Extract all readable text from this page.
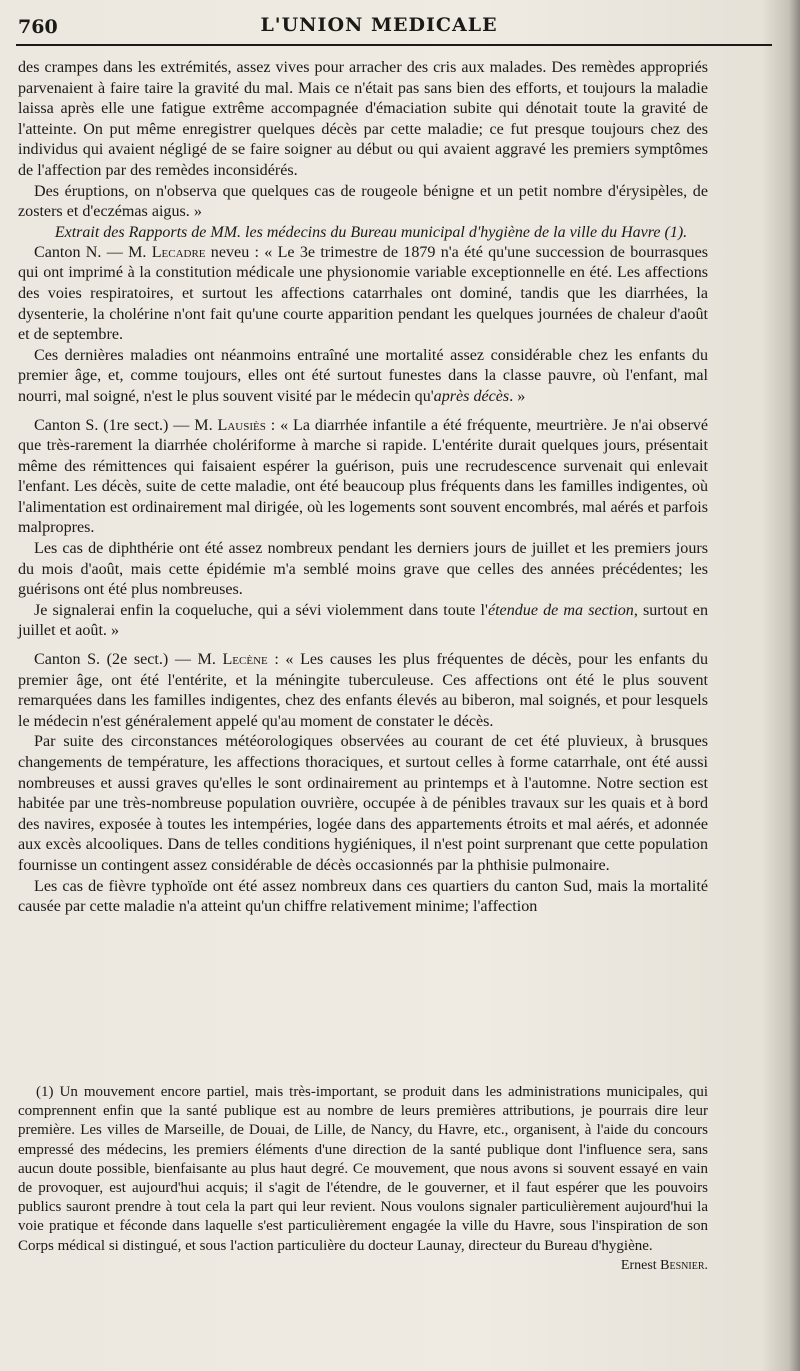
760	L'UNION MEDICALE

des crampes dans les extrémités, assez vives pour arracher des cris aux malades. Des remèdes appropriés parvenaient à faire taire la gravité du mal. Mais ce n'était pas sans bien des efforts, et toujours la maladie laissa après elle une fatigue extrême accompagnée d'émaciation subite qui dénotait toute la gravité de l'atteinte. On put même enregistrer quelques décès par cette maladie; ce fut presque toujours chez des individus qui avaient négligé de se faire soigner au début ou qui avaient aggravé les premiers symptômes de l'affection par des remèdes inconsidérés.

Des éruptions, on n'observa que quelques cas de rougeole bénigne et un petit nombre d'érysipèles, de zosters et d'eczémas aigus. »

Extrait des Rapports de MM. les médecins du Bureau municipal d'hygiène de la ville du Havre (1).

Canton N. — M. Lecadre neveu : « Le 3e trimestre de 1879 n'a été qu'une succession de bourrasques qui ont imprimé à la constitution médicale une physionomie variable exceptionnelle en été. Les affections des voies respiratoires, et surtout les affections catarrhales ont dominé, tandis que les diarrhées, la dysenterie, la cholérine n'ont fait qu'une courte apparition pendant les quelques journées de chaleur d'août et de septembre.

Ces dernières maladies ont néanmoins entraîné une mortalité assez considérable chez les enfants du premier âge, et, comme toujours, elles ont été surtout funestes dans la classe pauvre, où l'enfant, mal nourri, mal soigné, n'est le plus souvent visité par le médecin qu'après décès. »

Canton S. (1re sect.) — M. Lausiès : « La diarrhée infantile a été fréquente, meurtrière. Je n'ai observé que très-rarement la diarrhée cholériforme à marche si rapide. L'entérite durait quelques jours, présentait même des rémittences qui faisaient espérer la guérison, puis une recrudescence survenait qui enlevait l'enfant. Les décès, suite de cette maladie, ont été beaucoup plus fréquents dans les familles indigentes, où l'alimentation est ordinairement mal dirigée, où les logements sont souvent encombrés, mal aérés et parfois malpropres.

Les cas de diphthérie ont été assez nombreux pendant les derniers jours de juillet et les premiers jours du mois d'août, mais cette épidémie m'a semblé moins grave que celles des années précédentes; les guérisons ont été plus nombreuses.

Je signalerai enfin la coqueluche, qui a sévi violemment dans toute l'étendue de ma section, surtout en juillet et août. »

Canton S. (2e sect.) — M. Lecène : « Les causes les plus fréquentes de décès, pour les enfants du premier âge, ont été l'entérite, et la méningite tuberculeuse. Ces affections ont été le plus souvent remarquées dans les familles indigentes, chez des enfants élevés au biberon, mal soignés, et pour lesquels le médecin n'est généralement appelé qu'au moment de constater le décès.

Par suite des circonstances météorologiques observées au courant de cet été pluvieux, à brusques changements de température, les affections thoraciques, et surtout celles à forme catarrhale, ont été aussi nombreuses et aussi graves qu'elles le sont ordinairement au printemps et à l'automne. Notre section est habitée par une très-nombreuse population ouvrière, occupée à de pénibles travaux sur les quais et à bord des navires, exposée à toutes les intempéries, logée dans des appartements étroits et mal aérés, et adonnée aux excès alcooliques. Dans de telles conditions hygiéniques, il n'est point surprenant que cette population fournisse un contingent assez considérable de décès occasionnés par la phthisie pulmonaire.

Les cas de fièvre typhoïde ont été assez nombreux dans ces quartiers du canton Sud, mais la mortalité causée par cette maladie n'a atteint qu'un chiffre relativement minime; l'affection

(1) Un mouvement encore partiel, mais très-important, se produit dans les administrations municipales, qui comprennent enfin que la santé publique est au nombre de leurs premières attributions, je pourrais dire leur première. Les villes de Marseille, de Douai, de Lille, de Nancy, du Havre, etc., organisent, à l'aide du concours empressé des médecins, les premiers éléments d'une direction de la santé publique dont l'influence sera, sans aucun doute possible, bienfaisante au plus haut degré. Ce mouvement, que nous avons si souvent essayé en vain de provoquer, est aujourd'hui acquis; il s'agit de l'étendre, de le gouverner, et il faut espérer que les pouvoirs publics sauront prendre à tout cela la part qui leur revient. Nous voulons signaler particulièrement aujourd'hui la voie pratique et féconde dans laquelle s'est particulièrement engagée la ville du Havre, sous l'inspiration de son Corps médical si distingué, et sous l'action particulière du docteur Launay, directeur du Bureau d'hygiène.

Ernest Besnier.
